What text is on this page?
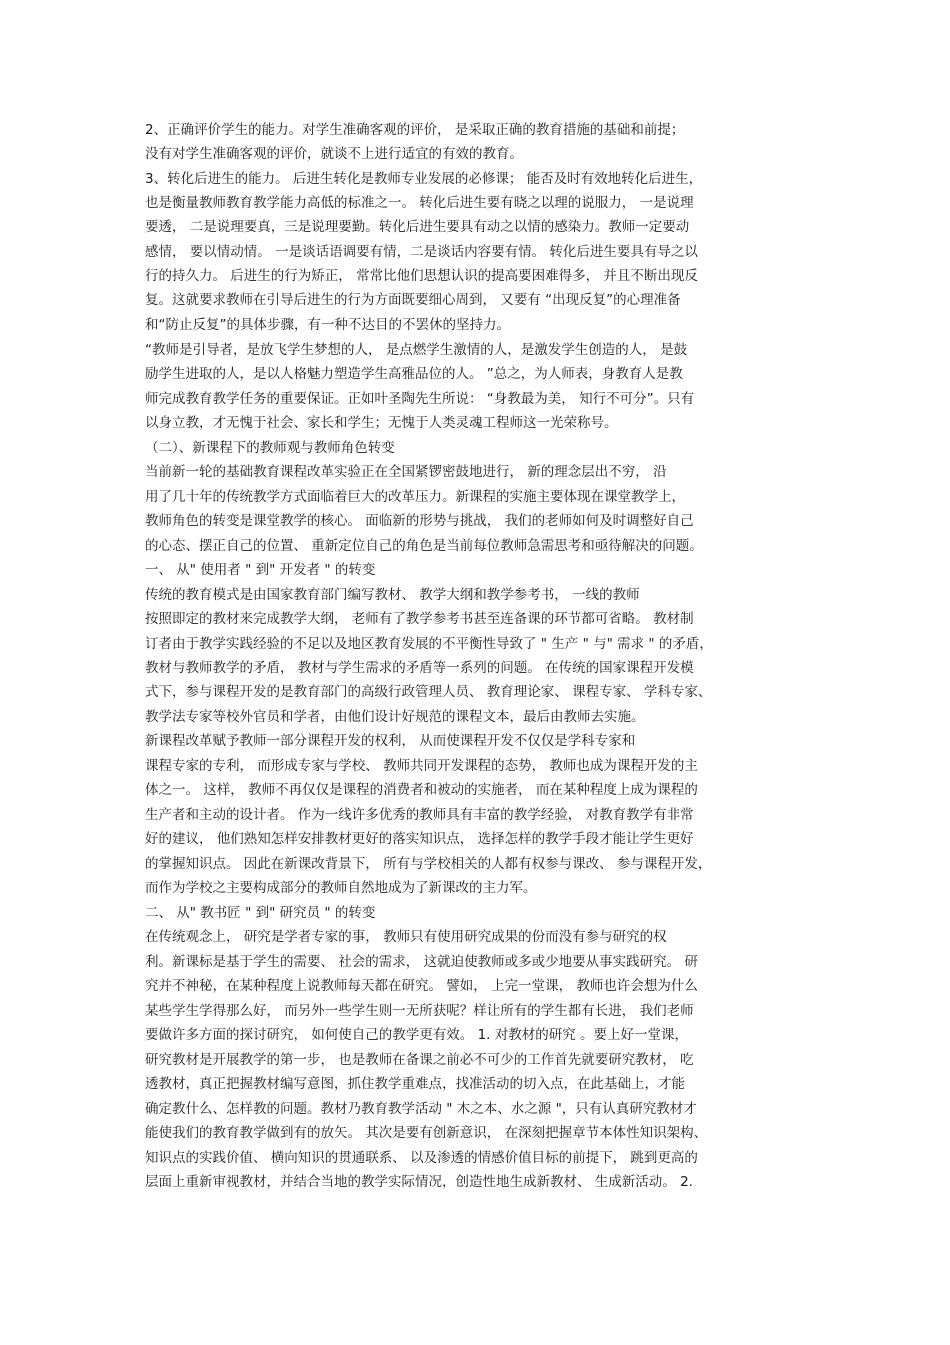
2、正确评价学生的能力。对学生准确客观的评价， 是采取正确的教育措施的基础和前提；
没有对学生准确客观的评价，就谈不上进行适宜的有效的教育。
3、转化后进生的能力。 后进生转化是教师专业发展的必修课； 能否及时有效地转化后进生，
也是衡量教师教育教学能力高低的标准之一。 转化后进生要有晓之以理的说服力， 一是说理
要透， 二是说理要真，三是说理要勤。转化后进生要具有动之以情的感染力。教师一定要动
感情， 要以情动情。 一是谈话语调要有情，二是谈话内容要有情。 转化后进生要具有导之以
行的持久力。 后进生的行为矫正， 常常比他们思想认识的提高要困难得多， 并且不断出现反
复。这就要求教师在引导后进生的行为方面既要细心周到， 又要有 “出现反复”的心理准备
和“防止反复”的具体步骤，有一种不达目的不罢休的坚持力。
“教师是引导者，是放飞学生梦想的人， 是点燃学生激情的人，是激发学生创造的人， 是鼓
励学生进取的人，是以人格魅力塑造学生高雅品位的人。 ”总之，为人师表，身教育人是教
师完成教育教学任务的重要保证。正如叶圣陶先生所说： “身教最为美， 知行不可分”。只有
以身立教，才无愧于社会、家长和学生；无愧于人类灵魂工程师这一光荣称号。
（二）、新课程下的教师观与教师角色转变
当前新一轮的基础教育课程改革实验正在全国紧锣密鼓地进行， 新的理念层出不穷， 沿
用了几十年的传统教学方式面临着巨大的改革压力。新课程的实施主要体现在课堂教学上，
教师角色的转变是课堂教学的核心。 面临新的形势与挑战， 我们的老师如何及时调整好自己
的心态、摆正自己的位置、 重新定位自己的角色是当前每位教师急需思考和亟待解决的问题。
一、 从" 使用者 " 到" 开发者 " 的转变
传统的教育模式是由国家教育部门编写教材、 教学大纲和教学参考书， 一线的教师
按照即定的教材来完成教学大纲， 老师有了教学参考书甚至连备课的环节都可省略。 教材制
订者由于教学实践经验的不足以及地区教育发展的不平衡性导致了 " 生产 " 与" 需求 " 的矛盾，
教材与教师教学的矛盾， 教材与学生需求的矛盾等一系列的问题。 在传统的国家课程开发模
式下，参与课程开发的是教育部门的高级行政管理人员、 教育理论家、 课程专家、 学科专家、
教学法专家等校外官员和学者，由他们设计好规范的课程文本，最后由教师去实施。
新课程改革赋予教师一部分课程开发的权利， 从而使课程开发不仅仅是学科专家和
课程专家的专利， 而形成专家与学校、 教师共同开发课程的态势， 教师也成为课程开发的主
体之一。 这样， 教师不再仅仅是课程的消费者和被动的实施者， 而在某种程度上成为课程的
生产者和主动的设计者。 作为一线许多优秀的教师具有丰富的教学经验， 对教育教学有非常
好的建议， 他们熟知怎样安排教材更好的落实知识点， 选择怎样的教学手段才能让学生更好
的掌握知识点。 因此在新课改背景下， 所有与学校相关的人都有权参与课改、 参与课程开发，
而作为学校之主要构成部分的教师自然地成为了新课改的主力军。
二、 从" 教书匠 " 到" 研究员 " 的转变
在传统观念上， 研究是学者专家的事， 教师只有使用研究成果的份而没有参与研究的权
利。新课标是基于学生的需要、 社会的需求， 这就迫使教师或多或少地要从事实践研究。 研
究并不神秘，在某种程度上说教师每天都在研究。 譬如， 上完一堂课， 教师也许会想为什么
某些学生学得那么好， 而另外一些学生则一无所获呢？样让所有的学生都有长进， 我们老师
要做许多方面的探讨研究， 如何使自己的教学更有效。 1. 对教材的研究 。要上好一堂课，
研究教材是开展教学的第一步， 也是教师在备课之前必不可少的工作首先就要研究教材， 吃
透教材，真正把握教材编写意图，抓住教学重难点，找准活动的切入点，在此基础上，才能
确定教什么、怎样教的问题。教材乃教育教学活动 " 木之本、水之源 "，只有认真研究教材才
能使我们的教育教学做到有的放矢。 其次是要有创新意识， 在深刻把握章节本体性知识架构、
知识点的实践价值、 横向知识的贯通联系、 以及渗透的情感价值目标的前提下， 跳到更高的
层面上重新审视教材，并结合当地的教学实际情况，创造性地生成新教材、 生成新活动。 2.
